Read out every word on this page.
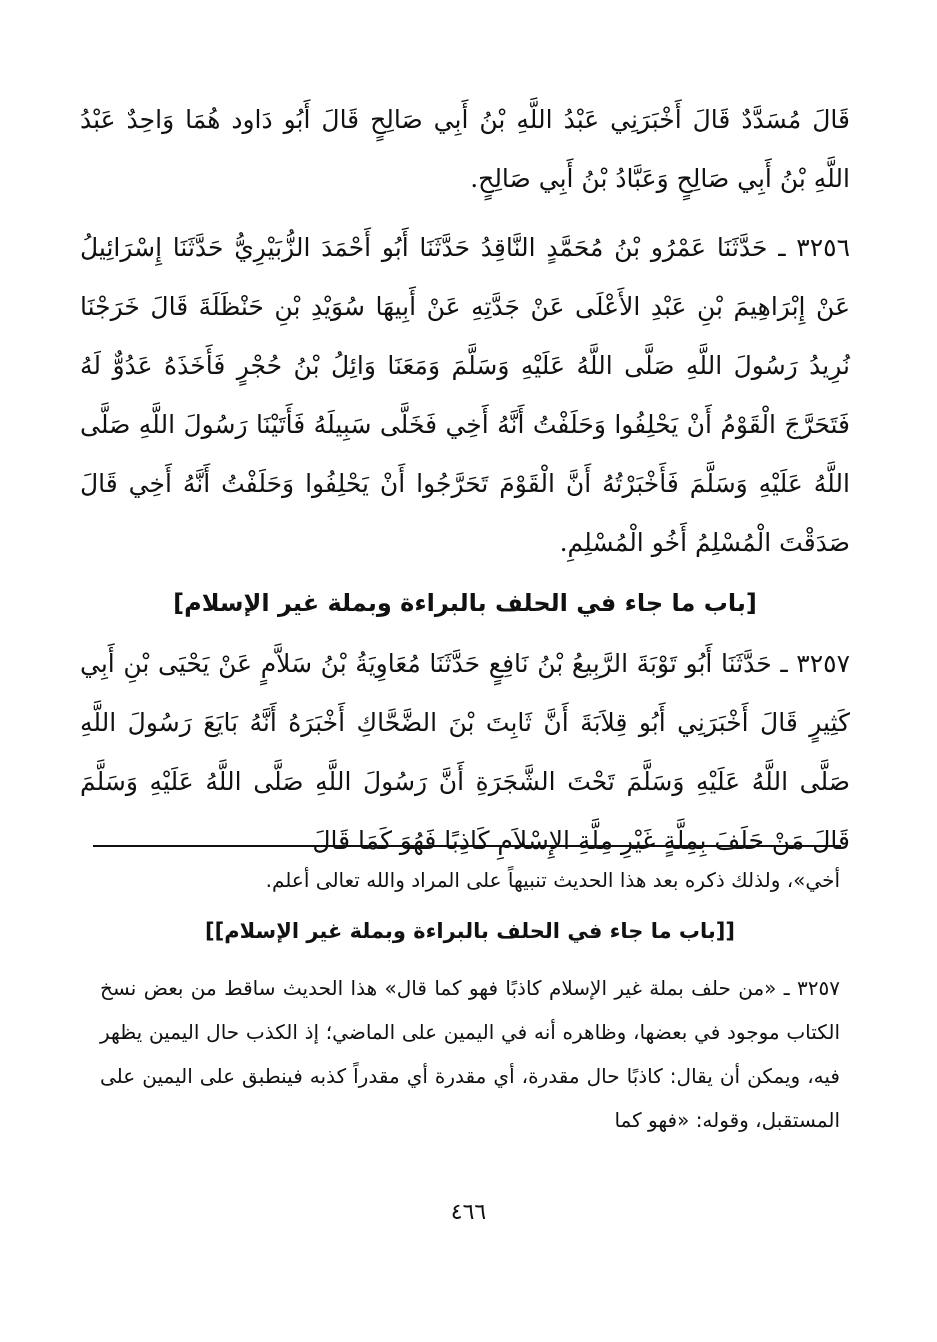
قَالَ مُسَدَّدٌ قَالَ أَخْبَرَنِي عَبْدُ اللَّهِ بْنُ أَبِي صَالِحٍ قَالَ أَبُو دَاود هُمَا وَاحِدٌ عَبْدُ اللَّهِ بْنُ أَبِي صَالِحٍ وَعَبَّادُ بْنُ أَبِي صَالِحٍ.

٣٢٥٦ ـ حَدَّثَنَا عَمْرُو بْنُ مُحَمَّدٍ النَّاقِدُ حَدَّثَنَا أَبُو أَحْمَدَ الزُّبَيْرِيُّ حَدَّثَنَا إِسْرَائِيلُ عَنْ إِبْرَاهِيمَ بْنِ عَبْدِ الأَعْلَى عَنْ جَدَّتِهِ عَنْ أَبِيهَا سُوَيْدِ بْنِ حَنْظَلَةَ قَالَ خَرَجْنَا نُرِيدُ رَسُولَ اللَّهِ صَلَّى اللَّهُ عَلَيْهِ وَسَلَّمَ وَمَعَنَا وَائِلُ بْنُ حُجْرٍ فَأَخَذَهُ عَدُوٌّ لَهُ فَتَحَرَّجَ الْقَوْمُ أَنْ يَحْلِفُوا وَحَلَفْتُ أَنَّهُ أَخِي فَخَلَّى سَبِيلَهُ فَأَتَيْنَا رَسُولَ اللَّهِ صَلَّى اللَّهُ عَلَيْهِ وَسَلَّمَ فَأَخْبَرْتُهُ أَنَّ الْقَوْمَ تَحَرَّجُوا أَنْ يَحْلِفُوا وَحَلَفْتُ أَنَّهُ أَخِي قَالَ صَدَقْتَ الْمُسْلِمُ أَخُو الْمُسْلِمِ.

[باب ما جاء في الحلف بالبراءة وبملة غير الإسلام]

٣٢٥٧ ـ حَدَّثَنَا أَبُو تَوْبَةَ الرَّبِيعُ بْنُ نَافِعٍ حَدَّثَنَا مُعَاوِيَةُ بْنُ سَلاَّمٍ عَنْ يَحْيَى بْنِ أَبِي كَثِيرٍ قَالَ أَخْبَرَنِي أَبُو قِلاَبَةَ أَنَّ ثَابِتَ بْنَ الضَّحَّاكِ أَخْبَرَهُ أَنَّهُ بَايَعَ رَسُولَ اللَّهِ صَلَّى اللَّهُ عَلَيْهِ وَسَلَّمَ تَحْتَ الشَّجَرَةِ أَنَّ رَسُولَ اللَّهِ صَلَّى اللَّهُ عَلَيْهِ وَسَلَّمَ قَالَ مَنْ حَلَفَ بِمِلَّةٍ غَيْرِ مِلَّةِ الإِسْلاَمِ كَاذِبًا فَهُوَ كَمَا قَالَ

أخي»، ولذلك ذكره بعد هذا الحديث تنبيهاً على المراد والله تعالى أعلم.

[[باب ما جاء في الحلف بالبراءة وبملة غير الإسلام]]

٣٢٥٧ ـ «من حلف بملة غير الإسلام كاذبًا فهو كما قال» هذا الحديث ساقط من بعض نسخ الكتاب موجود في بعضها، وظاهره أنه في اليمين على الماضي؛ إذ الكذب حال اليمين يظهر فيه، ويمكن أن يقال: كاذبًا حال مقدرة، أي مقدرة أي مقدراً كذبه فينطبق على اليمين على المستقبل، وقوله: «فهو كما

٤٦٦
